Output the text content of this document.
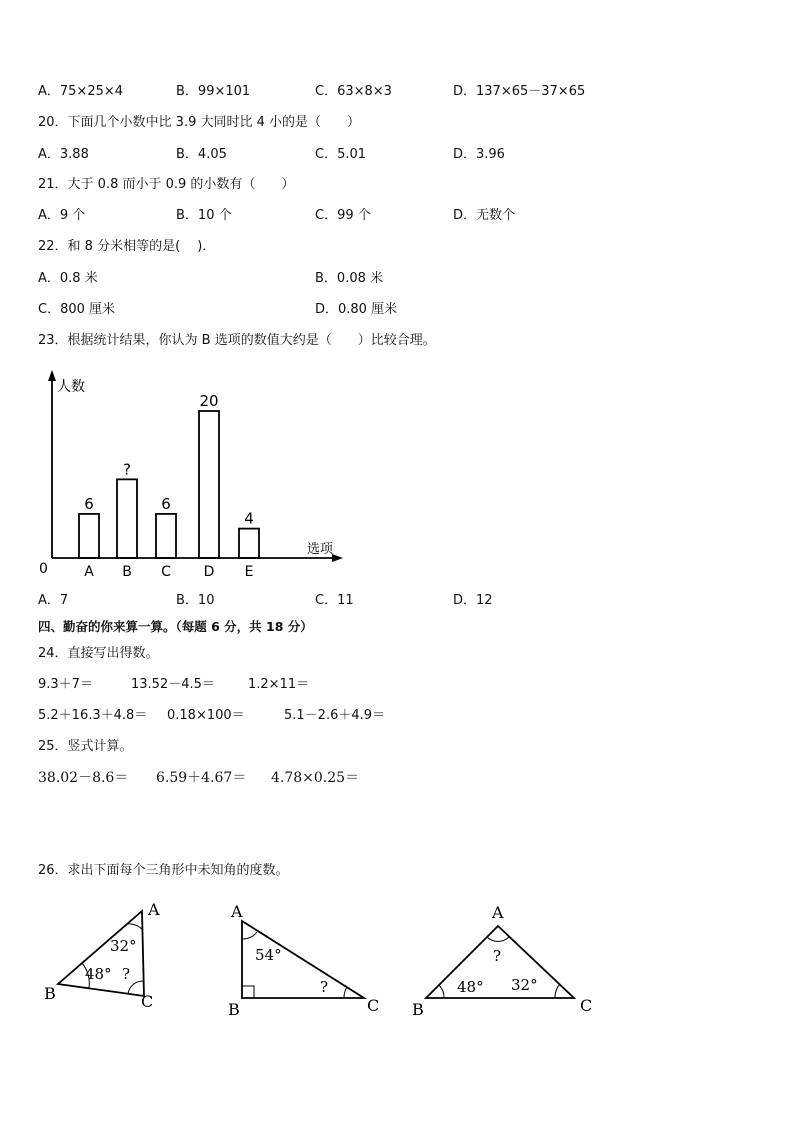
A．75×25×4	B．99×101	C．63×8×3	D．137×65－37×65
20．下面几个小数中比 3.9 大同时比 4 小的是（　　）
A．3.88	B．4.05	C．5.01	D．3.96
21．大于 0.8 而小于 0.9 的小数有（　　）
A．9 个	B．10 个	C．99 个	D．无数个
22．和 8 分米相等的是(　 )．
A．0.8 米	B．0.08 米
C．800 厘米	D．0.80 厘米
23．根据统计结果，你认为 B 选项的数值大约是（　　）比较合理。
人数
选项
0
6
A
?
B
6
C
20
D
4
E
A．7	B．10	C．11	D．12
四、勤奋的你来算一算。（每题 6 分，共 18 分）
24．直接写出得数。
9.3＋7＝	13.52－4.5＝	1.2×11＝
5.2＋16.3＋4.8＝ 0.18×100＝	5.1－2.6＋4.9＝
25．竖式计算。
38.02－8.6＝ 6.59＋4.67＝ 4.78×0.25＝
26．求出下面每个三角形中未知角的度数。
A
B	C
32°
48° ?
A
B	C
54°
?
A
B	C
?
48° 32°
